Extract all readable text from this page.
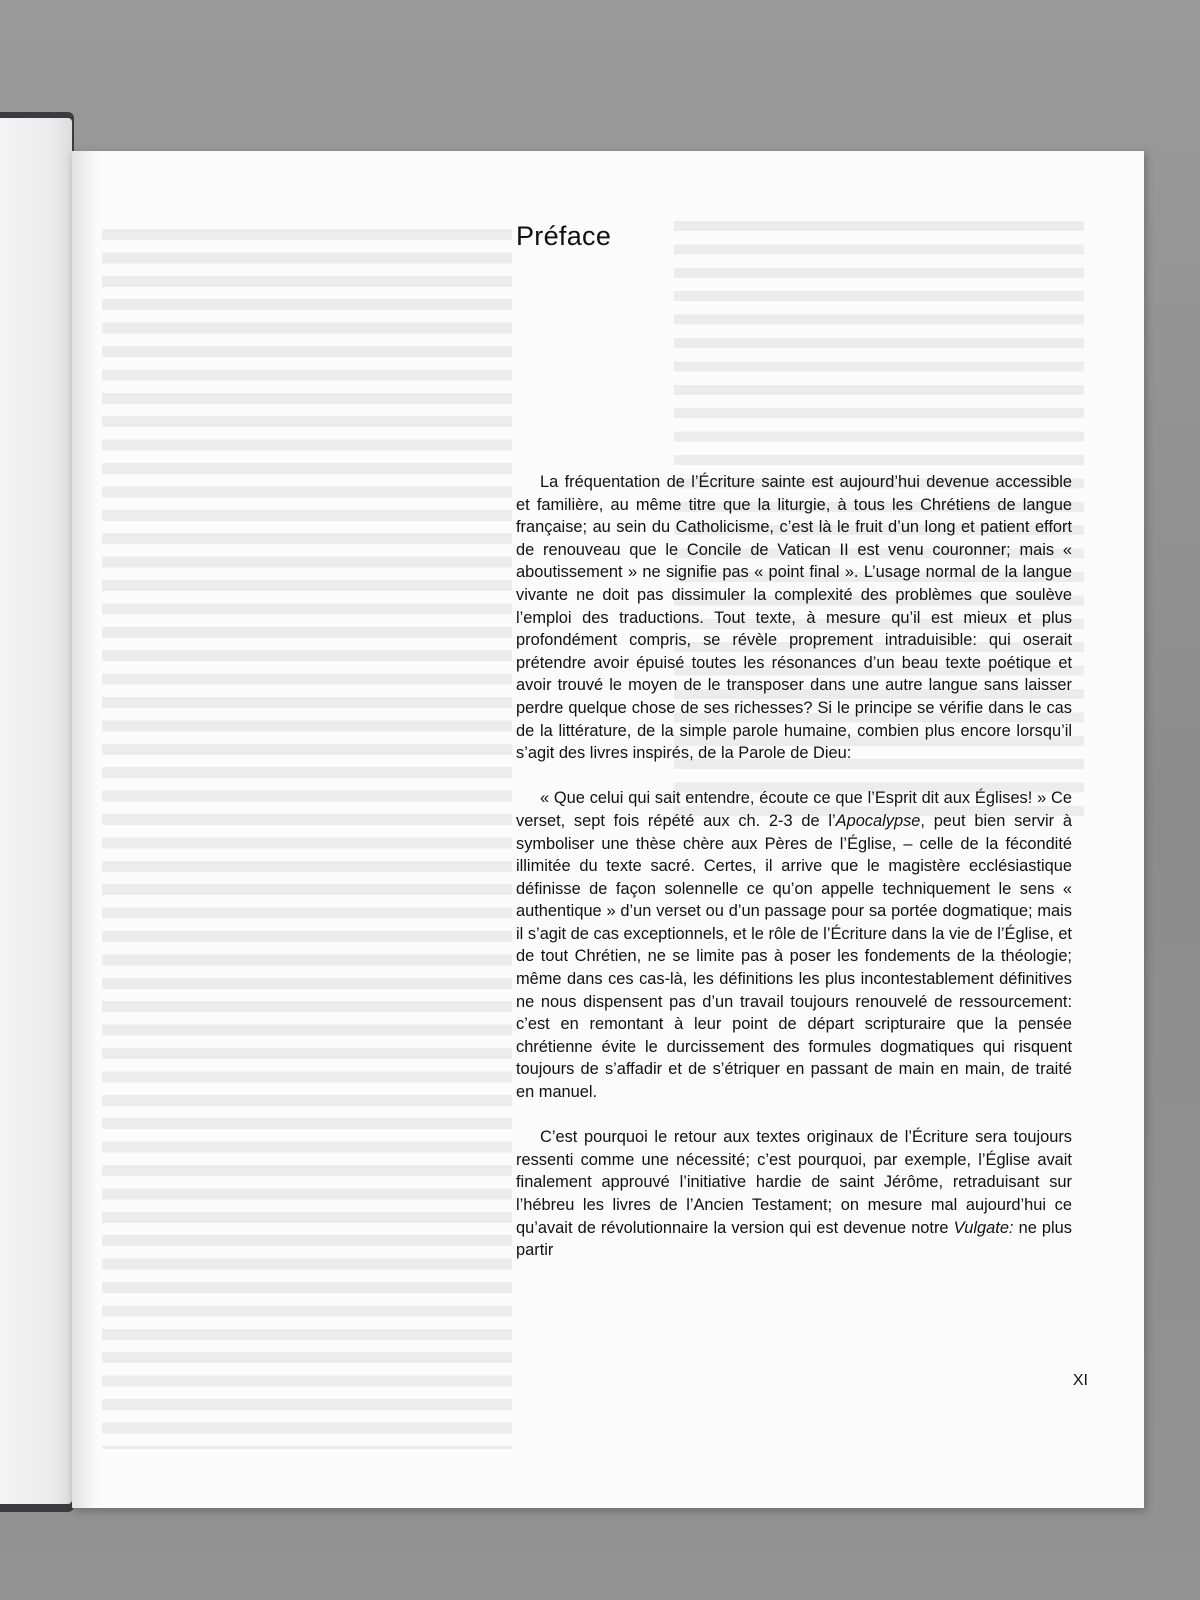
Préface

La fréquentation de l’Écriture sainte est aujourd’hui devenue accessible et familière, au même titre que la liturgie, à tous les Chrétiens de langue française; au sein du Catholicisme, c’est là le fruit d’un long et patient effort de renouveau que le Concile de Vatican II est venu couronner; mais « aboutissement » ne signifie pas « point final ». L’usage normal de la langue vivante ne doit pas dissimuler la complexité des problèmes que soulève l’emploi des traductions. Tout texte, à mesure qu’il est mieux et plus profondément compris, se révèle proprement intraduisible: qui oserait prétendre avoir épuisé toutes les résonances d’un beau texte poétique et avoir trouvé le moyen de le transposer dans une autre langue sans laisser perdre quelque chose de ses richesses? Si le principe se vérifie dans le cas de la littérature, de la simple parole humaine, combien plus encore lorsqu’il s’agit des livres inspirés, de la Parole de Dieu:

« Que celui qui sait entendre, écoute ce que l’Esprit dit aux Églises! » Ce verset, sept fois répété aux ch. 2-3 de l’Apocalypse, peut bien servir à symboliser une thèse chère aux Pères de l’Église, – celle de la fécondité illimitée du texte sacré. Certes, il arrive que le magistère ecclésiastique définisse de façon solennelle ce qu’on appelle techniquement le sens « authentique » d’un verset ou d’un passage pour sa portée dogmatique; mais il s’agit de cas exceptionnels, et le rôle de l’Écriture dans la vie de l’Église, et de tout Chrétien, ne se limite pas à poser les fondements de la théologie; même dans ces cas-là, les définitions les plus incontestablement définitives ne nous dispensent pas d’un travail toujours renouvelé de ressourcement: c’est en remontant à leur point de départ scripturaire que la pensée chrétienne évite le durcissement des formules dogmatiques qui risquent toujours de s’affadir et de s’étriquer en passant de main en main, de traité en manuel.

C’est pourquoi le retour aux textes originaux de l’Écriture sera toujours ressenti comme une nécessité; c’est pourquoi, par exemple, l’Église avait finalement approuvé l’initiative hardie de saint Jérôme, retraduisant sur l’hébreu les livres de l’Ancien Testament; on mesure mal aujourd’hui ce qu’avait de révolutionnaire la version qui est devenue notre Vulgate: ne plus partir

XI
